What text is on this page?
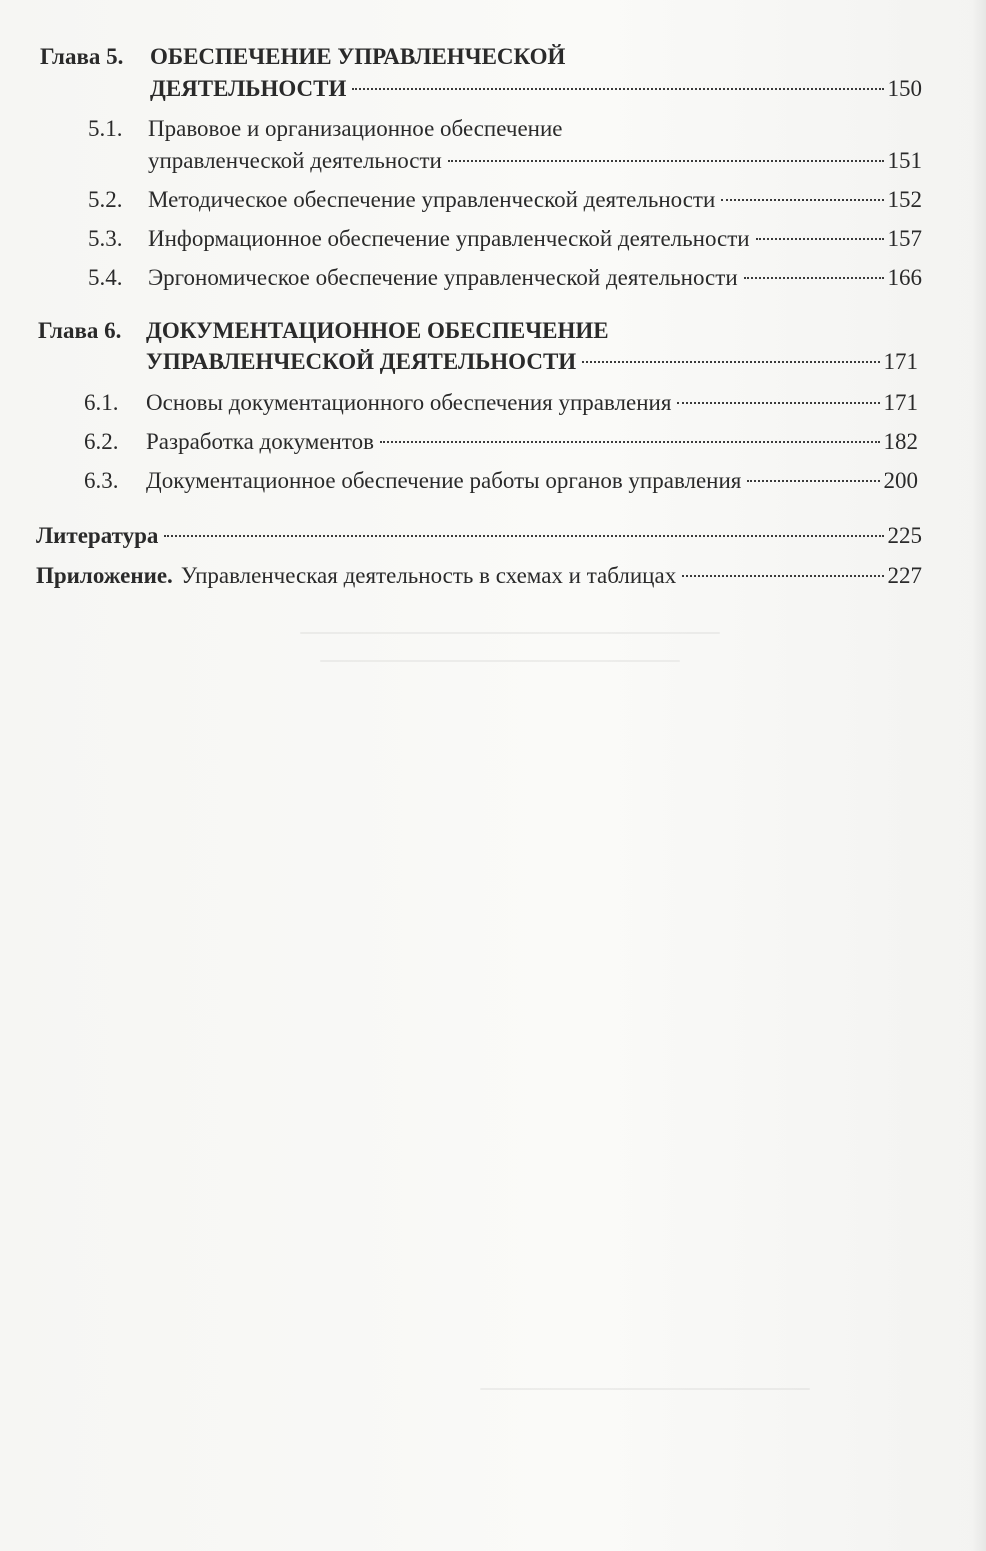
Глава 5. ОБЕСПЕЧЕНИЕ УПРАВЛЕНЧЕСКОЙ
ДЕЯТЕЛЬНОСТИ	150
5.1. Правовое и организационное обеспечение
управленческой деятельности	151
5.2. Методическое обеспечение управленческой деятельности	152
5.3. Информационное обеспечение управленческой деятельности	157
5.4. Эргономическое обеспечение управленческой деятельности	166
Глава 6. ДОКУМЕНТАЦИОННОЕ ОБЕСПЕЧЕНИЕ
УПРАВЛЕНЧЕСКОЙ ДЕЯТЕЛЬНОСТИ	171
6.1. Основы документационного обеспечения управления	171
6.2. Разработка документов	182
6.3. Документационное обеспечение работы органов управления	200
Литература	225
Приложение. Управленческая деятельность в схемах и таблицах	227
